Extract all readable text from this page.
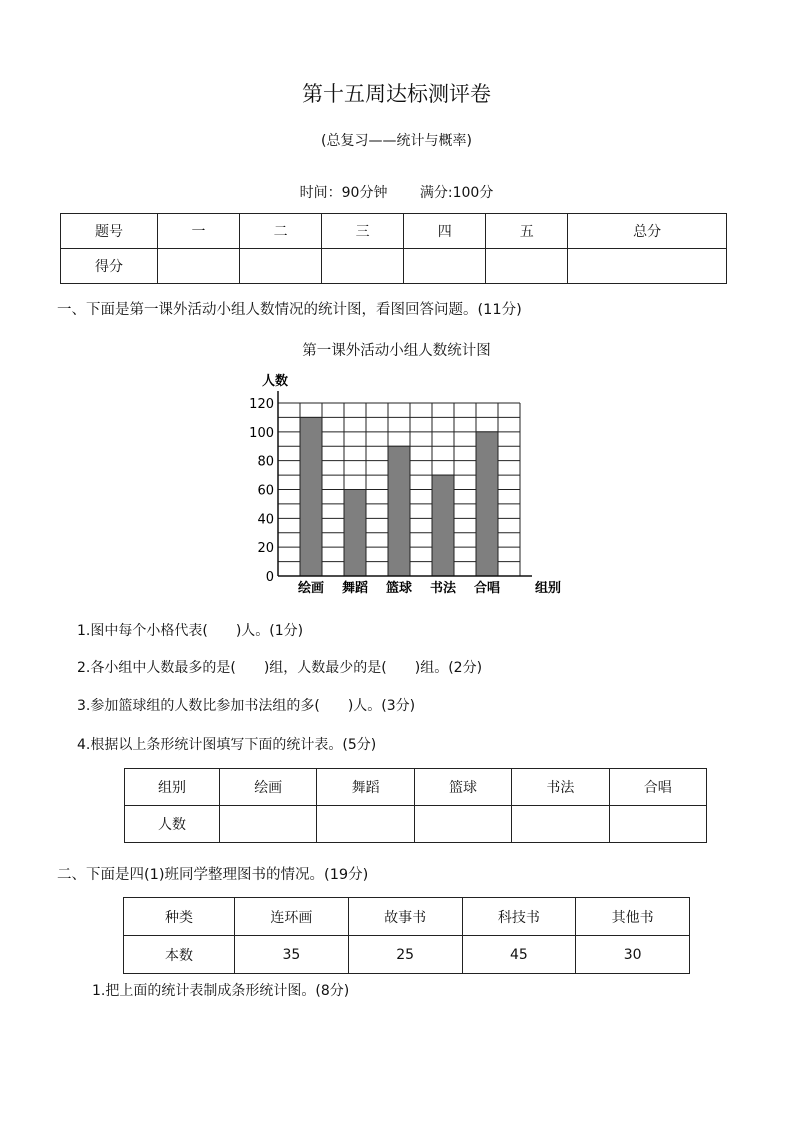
第十五周达标测评卷
(总复习——统计与概率)
时间：90分钟 满分:100分
题号	一	二	三	四	五	总分
得分						
一、下面是第一课外活动小组人数情况的统计图，看图回答问题。(11分)
第一课外活动小组人数统计图
绘画 舞蹈 篮球 书法 合唱
0
20
40
60
80
100
120
人数
组别
1.图中每个小格代表(　　)人。(1分)
2.各小组中人数最多的是(　　)组，人数最少的是(　　)组。(2分)
3.参加篮球组的人数比参加书法组的多(　　)人。(3分)
4.根据以上条形统计图填写下面的统计表。(5分)
组别	绘画	舞蹈	篮球	书法	合唱
人数					
二、下面是四(1)班同学整理图书的情况。(19分)
种类	连环画	故事书	科技书	其他书
本数	35	25	45	30
1.把上面的统计表制成条形统计图。(8分)
